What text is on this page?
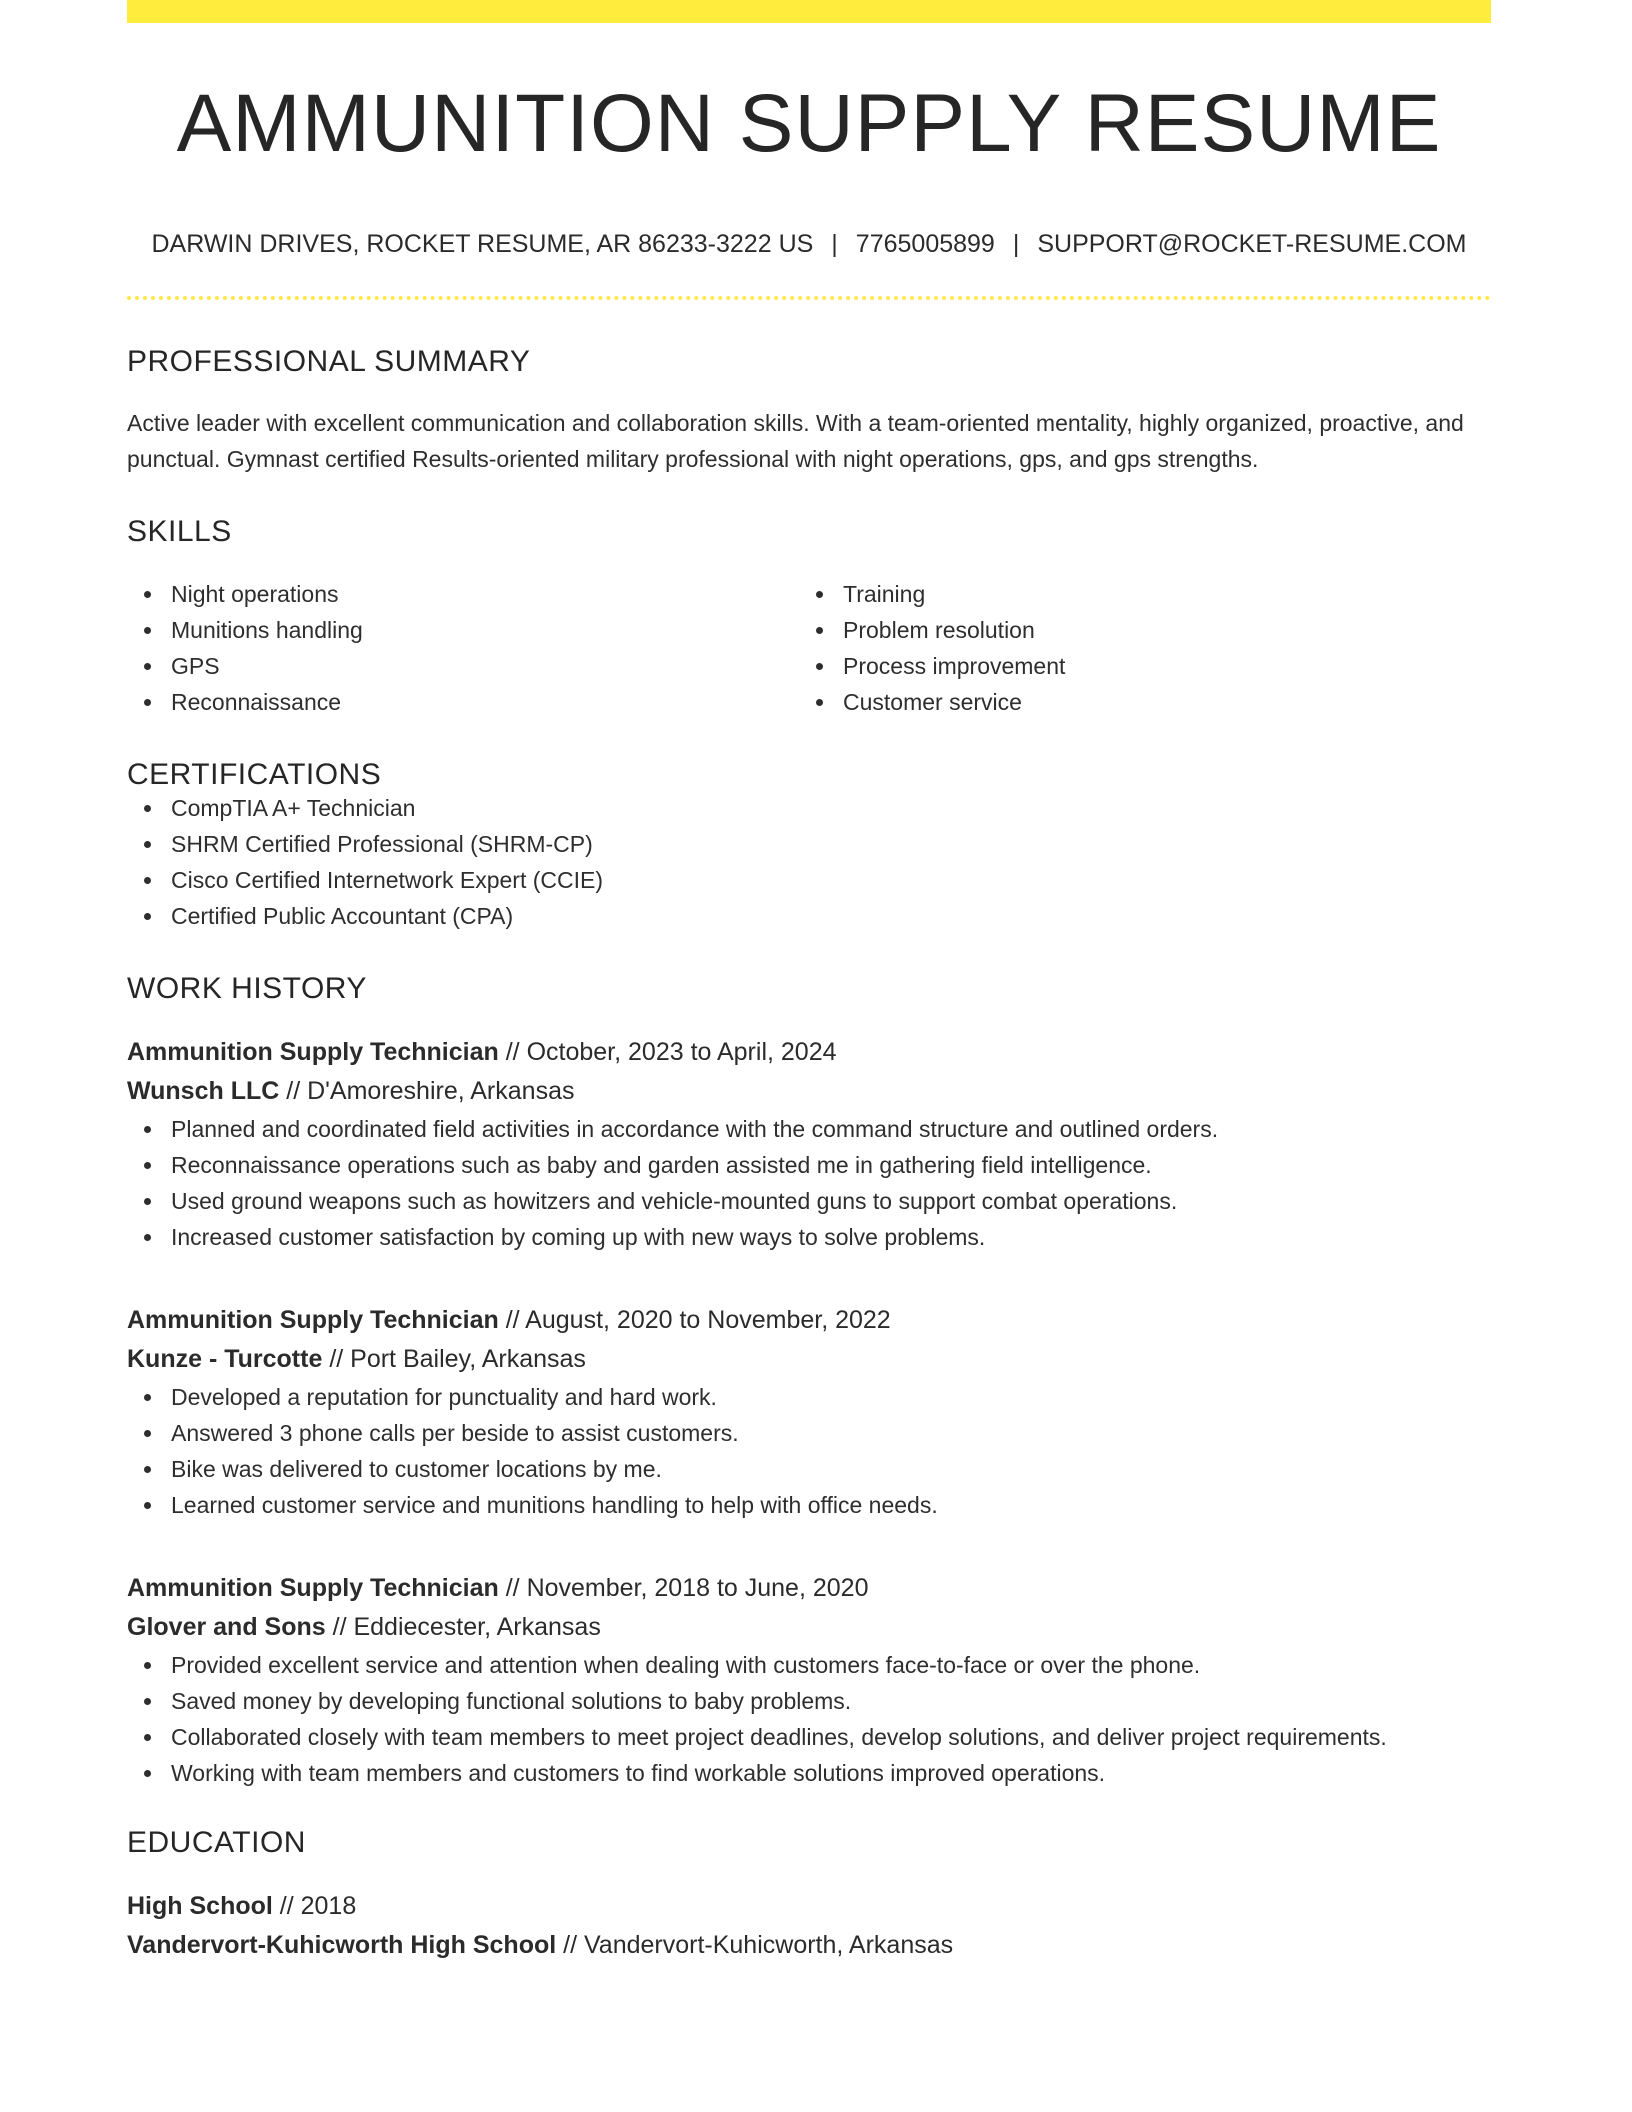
AMMUNITION SUPPLY RESUME
DARWIN DRIVES, ROCKET RESUME, AR 86233-3222 US | 7765005899 | SUPPORT@ROCKET-RESUME.COM
PROFESSIONAL SUMMARY

Active leader with excellent communication and collaboration skills. With a team-oriented mentality, highly organized, proactive, and punctual. Gymnast certified Results-oriented military professional with night operations, gps, and gps strengths.

SKILLS
Night operations
Munitions handling
GPS
Reconnaissance
Training
Problem resolution
Process improvement
Customer service
CERTIFICATIONS
CompTIA A+ Technician
SHRM Certified Professional (SHRM-CP)
Cisco Certified Internetwork Expert (CCIE)
Certified Public Accountant (CPA)
WORK HISTORY
Ammunition Supply Technician // October, 2023 to April, 2024
Wunsch LLC // D'Amoreshire, Arkansas
Planned and coordinated field activities in accordance with the command structure and outlined orders.
Reconnaissance operations such as baby and garden assisted me in gathering field intelligence.
Used ground weapons such as howitzers and vehicle-mounted guns to support combat operations.
Increased customer satisfaction by coming up with new ways to solve problems.
Ammunition Supply Technician // August, 2020 to November, 2022
Kunze - Turcotte // Port Bailey, Arkansas
Developed a reputation for punctuality and hard work.
Answered 3 phone calls per beside to assist customers.
Bike was delivered to customer locations by me.
Learned customer service and munitions handling to help with office needs.
Ammunition Supply Technician // November, 2018 to June, 2020
Glover and Sons // Eddiecester, Arkansas
Provided excellent service and attention when dealing with customers face-to-face or over the phone.
Saved money by developing functional solutions to baby problems.
Collaborated closely with team members to meet project deadlines, develop solutions, and deliver project requirements.
Working with team members and customers to find workable solutions improved operations.
EDUCATION
High School // 2018
Vandervort-Kuhicworth High School // Vandervort-Kuhicworth, Arkansas
